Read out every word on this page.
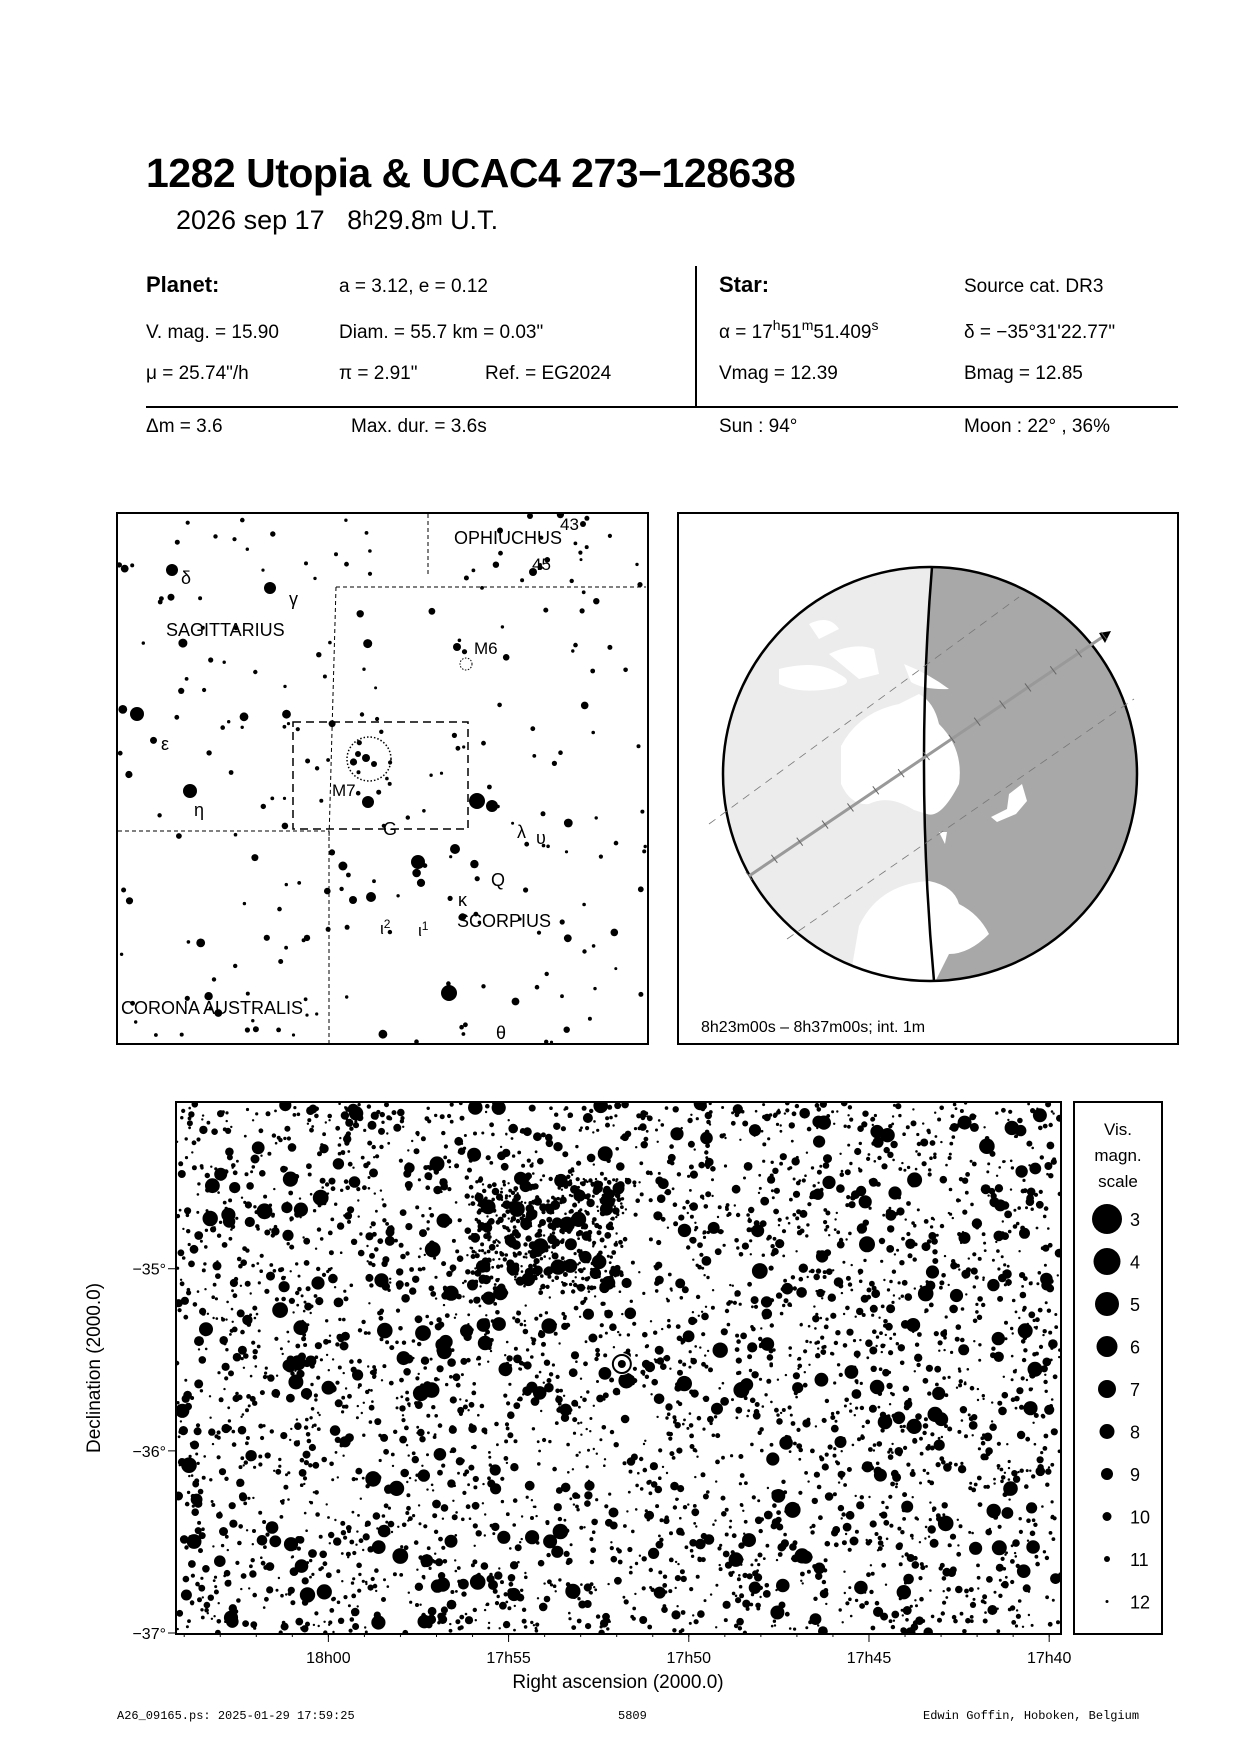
1282 Utopia & UCAC4 273−128638
2026 sep 17 8$^h$29.8$^m$ U.T.
Planet:	a = 3.12, e = 0.12
V. mag. = 15.90	Diam. = 55.7 km = 0.03"
μ = 25.74"/h	π = 2.91"	Ref. = EG2024
Star:	Source cat. DR3
$\alpha = 17^h51^m51.409^s$	δ = −35°31'22.77"
Vmag = 12.39	Bmag = 12.85
Δm = 3.6	Max. dur. = 3.6s	Sun : 94°	Moon : 22° , 36%
OPHIUCHUS
SAGITTARIUS
SCORPIUS
CORONA AUSTRALIS
M6
M7
δ
γ
ε
η
λ υ
κ
θ
G
Q
$\iota^2$ $\iota^1$
43
45
8h23m00s – 8h37m00s; int. 1m
18h00	17h55	17h50	17h45	17h40
−35°
−36°
−37°
Right ascension (2000.0)
Declination (2000.0)
Vis.
magn.
scale
3
4
5
6
7
8
9
10
11
12
A26_09165.ps: 2025-01-29 17:59:25	5809	Edwin Goffin, Hoboken, Belgium
